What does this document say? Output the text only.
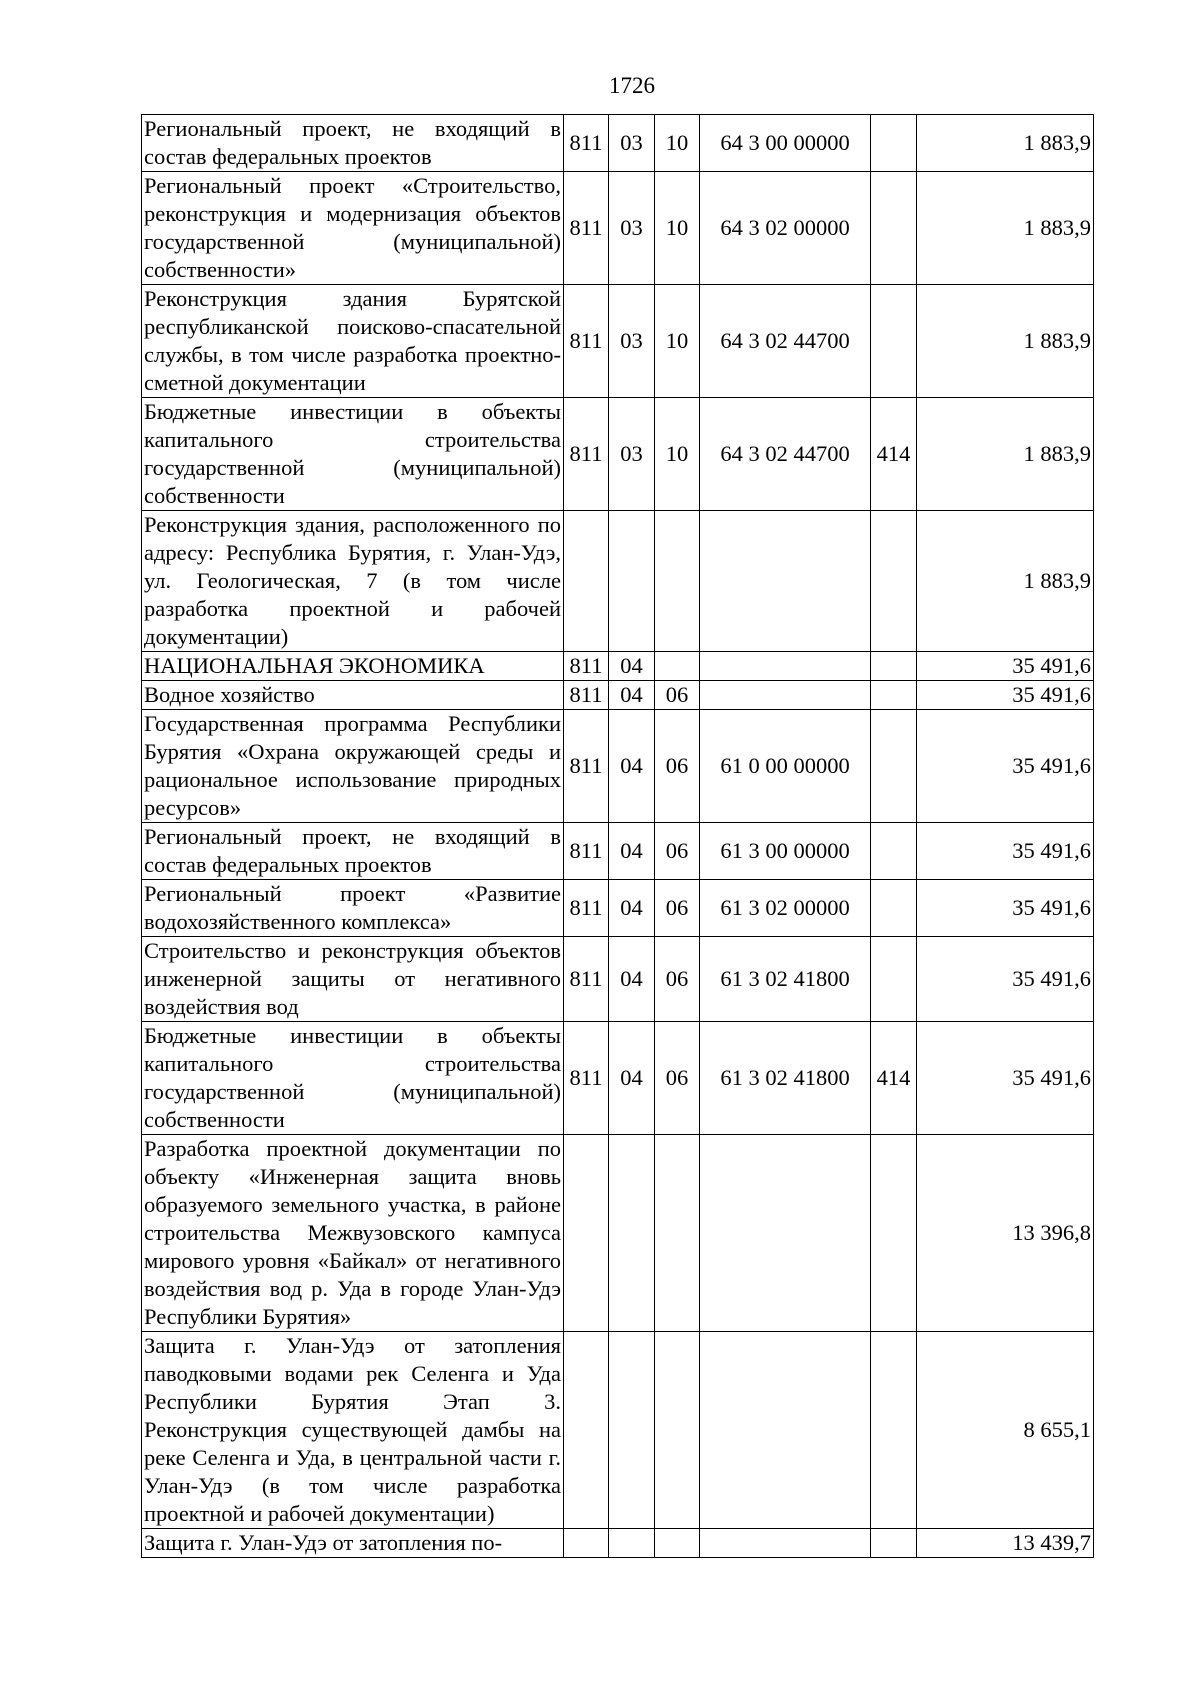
1726
Региональный проект, не входящий в состав федеральных проектов	811	03	10	64 3 00 00000		1 883,9
Региональный проект «Строительство, реконструкция и модернизация объектов государственной (муниципальной) собственности»	811	03	10	64 3 02 00000		1 883,9
Реконструкция здания Бурятской республиканской поисково-спасательной службы, в том числе разработка проектно-сметной документации	811	03	10	64 3 02 44700		1 883,9
Бюджетные инвестиции в объекты капитального строительства государственной (муниципальной) собственности	811	03	10	64 3 02 44700	414	1 883,9
Реконструкция здания, расположенного по адресу: Республика Бурятия, г. Улан-Удэ, ул. Геологическая, 7 (в том числе разработка проектной и рабочей документации)						1 883,9
НАЦИОНАЛЬНАЯ ЭКОНОМИКА	811	04				35 491,6
Водное хозяйство	811	04	06			35 491,6
Государственная программа Республики Бурятия «Охрана окружающей среды и рациональное использование природных ресурсов»	811	04	06	61 0 00 00000		35 491,6
Региональный проект, не входящий в состав федеральных проектов	811	04	06	61 3 00 00000		35 491,6
Региональный проект «Развитие водохозяйственного комплекса»	811	04	06	61 3 02 00000		35 491,6
Строительство и реконструкция объектов инженерной защиты от негативного воздействия вод	811	04	06	61 3 02 41800		35 491,6
Бюджетные инвестиции в объекты капитального строительства государственной (муниципальной) собственности	811	04	06	61 3 02 41800	414	35 491,6
Разработка проектной документации по объекту «Инженерная защита вновь образуемого земельного участка, в районе строительства Межвузовского кампуса мирового уровня «Байкал» от негативного воздействия вод р. Уда в городе Улан-Удэ Республики Бурятия»						13 396,8
Защита г. Улан-Удэ от затопления паводковыми водами рек Селенга и Уда Республики Бурятия Этап 3. Реконструкция существующей дамбы на реке Селенга и Уда, в центральной части г. Улан-Удэ (в том числе разработка проектной и рабочей документации)						8 655,1
Защита г. Улан-Удэ от затопления по-						13 439,7
